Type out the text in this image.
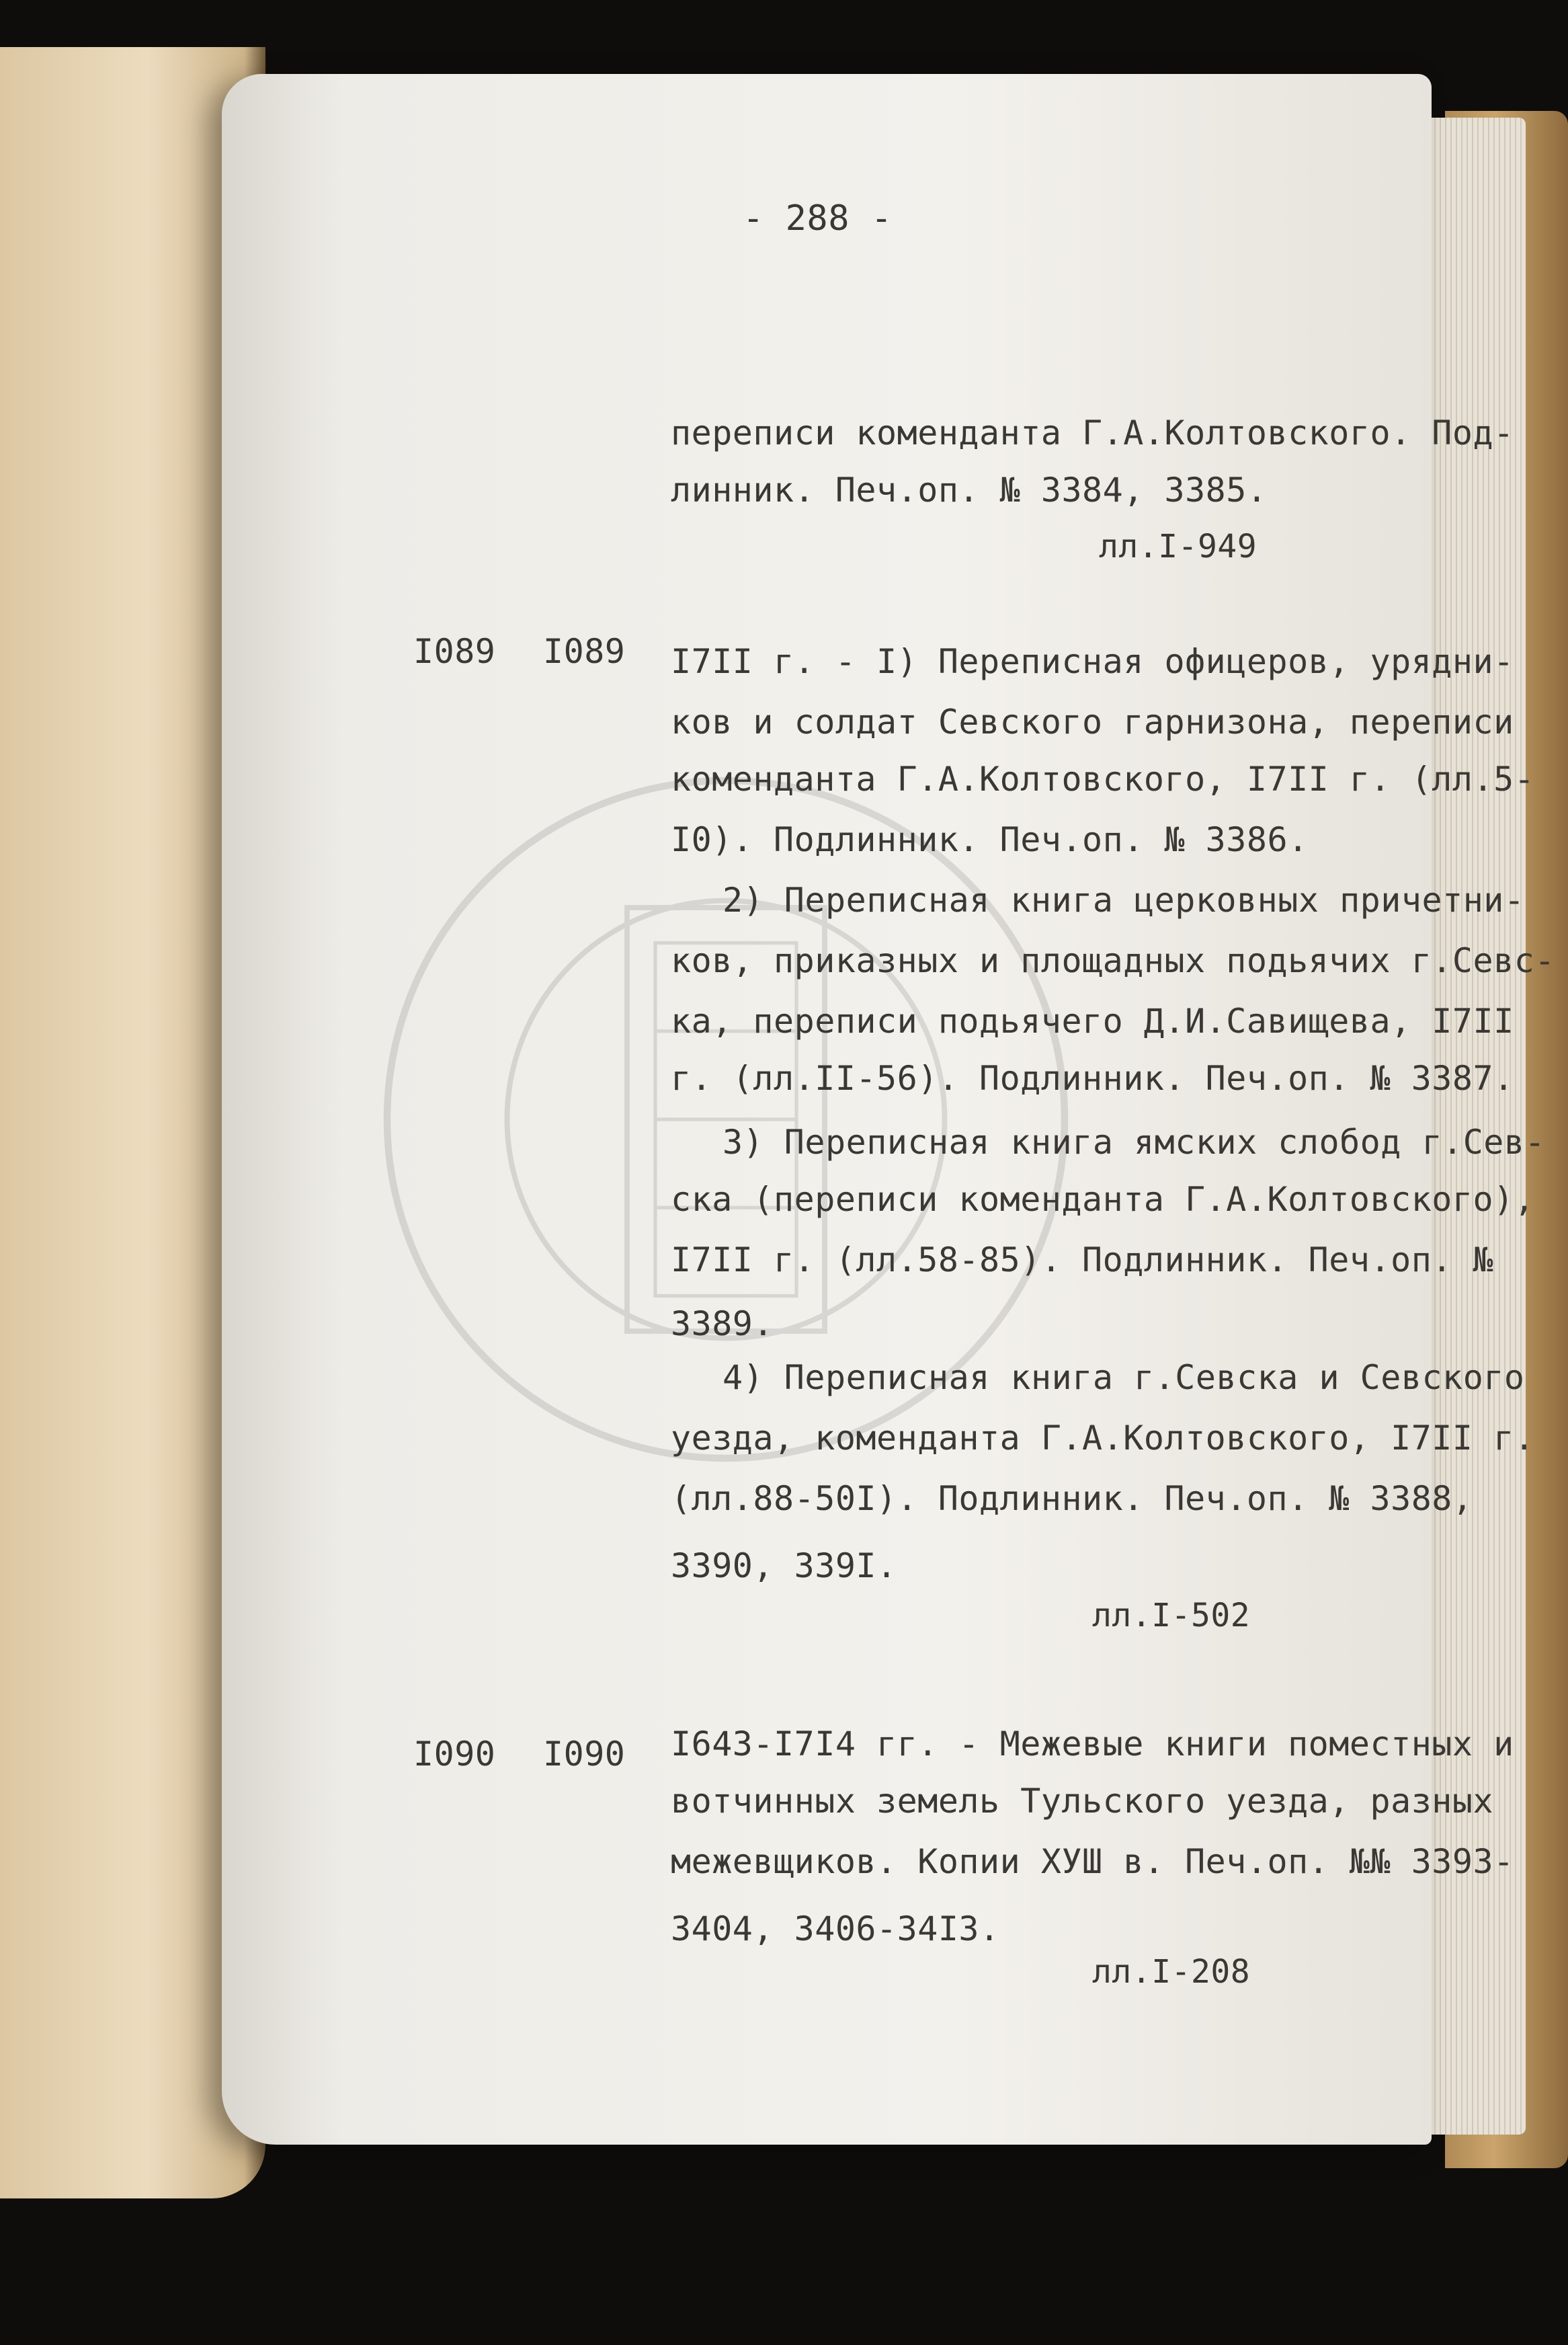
- 288 -
переписи коменданта Г.А.Колтовского. Под-
линник. Печ.оп. № 3384, 3385.
лл.I-949
I089 I089 I7II г. - I) Переписная офицеров, урядни-
ков и солдат Севского гарнизона, переписи
коменданта Г.А.Колтовского, I7II г. (лл.5-
I0). Подлинник. Печ.оп. № 3386.
2) Переписная книга церковных причетни-
ков, приказных и площадных подьячих г.Севс-
ка, переписи подьячего Д.И.Савищева, I7II
г. (лл.II-56). Подлинник. Печ.оп. № 3387.
3) Переписная книга ямских слобод г.Сев-
ска (переписи коменданта Г.А.Колтовского),
I7II г. (лл.58-85). Подлинник. Печ.оп. №
3389.
4) Переписная книга г.Севска и Севского
уезда, коменданта Г.А.Колтовского, I7II г.
(лл.88-50I). Подлинник. Печ.оп. № 3388,
3390, 339I.
лл.I-502
I090 I090 I643-I7I4 гг. - Межевые книги поместных и
вотчинных земель Тульского уезда, разных
межевщиков. Копии ХУШ в. Печ.оп. №№ 3393-
3404, 3406-34I3.
лл.I-208
